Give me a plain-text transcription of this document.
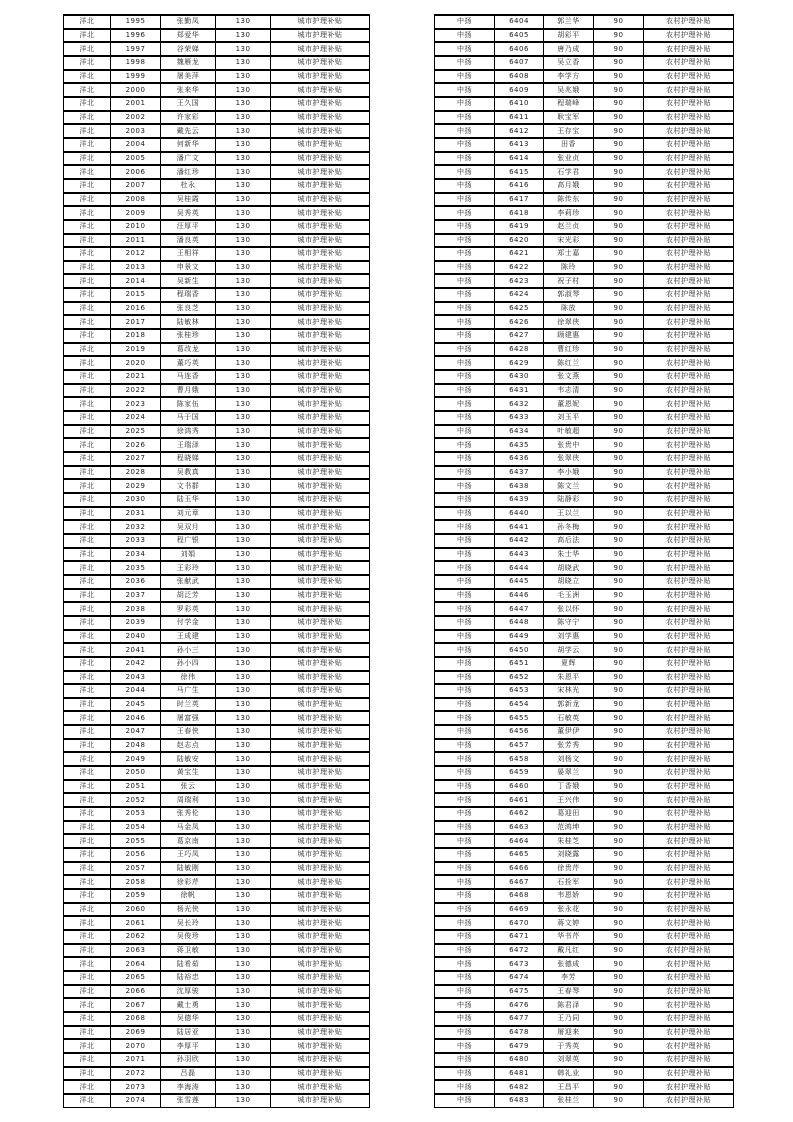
洋北	1995	张勤凤	130	城市护理补贴
洋北	1996	郑爱华	130	城市护理补贴
洋北	1997	谷荣娣	130	城市护理补贴
洋北	1998	魏雁龙	130	城市护理补贴
洋北	1999	屠美萍	130	城市护理补贴
洋北	2000	张来华	130	城市护理补贴
洋北	2001	王久国	130	城市护理补贴
洋北	2002	许家彩	130	城市护理补贴
洋北	2003	戴先云	130	城市护理补贴
洋北	2004	何新华	130	城市护理补贴
洋北	2005	潘广文	130	城市护理补贴
洋北	2006	潘红珍	130	城市护理补贴
洋北	2007	杜永	130	城市护理补贴
洋北	2008	吴桂霞	130	城市护理补贴
洋北	2009	吴秀英	130	城市护理补贴
洋北	2010	汪厚平	130	城市护理补贴
洋北	2011	潘良英	130	城市护理补贴
洋北	2012	王相祥	130	城市护理补贴
洋北	2013	申景文	130	城市护理补贴
洋北	2014	吴新生	130	城市护理补贴
洋北	2015	程瑞香	130	城市护理补贴
洋北	2016	张良芝	130	城市护理补贴
洋北	2017	陆敏林	130	城市护理补贴
洋北	2018	张桂珍	130	城市护理补贴
洋北	2019	葛改龙	130	城市护理补贴
洋北	2020	董巧英	130	城市护理补贴
洋北	2021	马连香	130	城市护理补贴
洋北	2022	曹月娥	130	城市护理补贴
洋北	2023	陈家伍	130	城市护理补贴
洋北	2024	马于国	130	城市护理补贴
洋北	2025	徐鸿秀	130	城市护理补贴
洋北	2026	王瑞泽	130	城市护理补贴
洋北	2027	程晓娣	130	城市护理补贴
洋北	2028	吴教真	130	城市护理补贴
洋北	2029	文书群	130	城市护理补贴
洋北	2030	陆玉华	130	城市护理补贴
洋北	2031	刘元章	130	城市护理补贴
洋北	2032	吴双月	130	城市护理补贴
洋北	2033	程广银	130	城市护理补贴
洋北	2034	刘娟	130	城市护理补贴
洋北	2035	王彩玲	130	城市护理补贴
洋北	2036	张献武	130	城市护理补贴
洋北	2037	胡泛芳	130	城市护理补贴
洋北	2038	罗彩英	130	城市护理补贴
洋北	2039	付学金	130	城市护理补贴
洋北	2040	王成建	130	城市护理补贴
洋北	2041	孙小三	130	城市护理补贴
洋北	2042	孙小四	130	城市护理补贴
洋北	2043	徐伟	130	城市护理补贴
洋北	2044	马广生	130	城市护理补贴
洋北	2045	时兰英	130	城市护理补贴
洋北	2046	屠富强	130	城市护理补贴
洋北	2047	王春侠	130	城市护理补贴
洋北	2048	赵志点	130	城市护理补贴
洋北	2049	陆敏安	130	城市护理补贴
洋北	2050	黄宝生	130	城市护理补贴
洋北	2051	张云	130	城市护理补贴
洋北	2052	周瑞利	130	城市护理补贴
洋北	2053	张秀伦	130	城市护理补贴
洋北	2054	马金凤	130	城市护理补贴
洋北	2055	葛京南	130	城市护理补贴
洋北	2056	王巧凤	130	城市护理补贴
洋北	2057	陆敏刚	130	城市护理补贴
洋北	2058	徐彩芹	130	城市护理补贴
洋北	2059	徐帆	130	城市护理补贴
洋北	2060	杨光侠	130	城市护理补贴
洋北	2061	吴长玲	130	城市护理补贴
洋北	2062	吴俊珍	130	城市护理补贴
洋北	2063	蒋卫敏	130	城市护理补贴
洋北	2064	陆希茹	130	城市护理补贴
洋北	2065	陆裕忠	130	城市护理补贴
洋北	2066	沈厚骏	130	城市护理补贴
洋北	2067	戴士勇	130	城市护理补贴
洋北	2068	吴德华	130	城市护理补贴
洋北	2069	陆居亚	130	城市护理补贴
洋北	2070	李厚平	130	城市护理补贴
洋北	2071	孙羽欣	130	城市护理补贴
洋北	2072	吕磊	130	城市护理补贴
洋北	2073	李海涛	130	城市护理补贴
洋北	2074	张雪莲	130	城市护理补贴
中扬	6404	郭兰华	90	农村护理补贴
中扬	6405	胡彩平	90	农村护理补贴
中扬	6406	唐乃成	90	农村护理补贴
中扬	6407	吴立香	90	农村护理补贴
中扬	6408	李学方	90	农村护理补贴
中扬	6409	吴兆娥	90	农村护理补贴
中扬	6410	程瑞峰	90	农村护理补贴
中扬	6411	耿宝军	90	农村护理补贴
中扬	6412	王存宝	90	农村护理补贴
中扬	6413	田香	90	农村护理补贴
中扬	6414	张业贞	90	农村护理补贴
中扬	6415	石学君	90	农村护理补贴
中扬	6416	高月娥	90	农村护理补贴
中扬	6417	陈传东	90	农村护理补贴
中扬	6418	李莉珍	90	农村护理补贴
中扬	6419	赵兰贞	90	农村护理补贴
中扬	6420	宋光彩	90	农村护理补贴
中扬	6421	郑士嘉	90	农村护理补贴
中扬	6422	陈玲	90	农村护理补贴
中扬	6423	祝子村	90	农村护理补贴
中扬	6424	郭淑琴	90	农村护理补贴
中扬	6425	陈放	90	农村护理补贴
中扬	6426	徐翠侠	90	农村护理补贴
中扬	6427	顾建惠	90	农村护理补贴
中扬	6428	曹红珍	90	农村护理补贴
中扬	6429	陈红兰	90	农村护理补贴
中扬	6430	张文燕	90	农村护理补贴
中扬	6431	韦志清	90	农村护理补贴
中扬	6432	董恩妮	90	农村护理补贴
中扬	6433	刘玉平	90	农村护理补贴
中扬	6434	叶敏超	90	农村护理补贴
中扬	6435	张贵中	90	农村护理补贴
中扬	6436	张翠侠	90	农村护理补贴
中扬	6437	李小娥	90	农村护理补贴
中扬	6438	陈文兰	90	农村护理补贴
中扬	6439	陆静彩	90	农村护理补贴
中扬	6440	王以兰	90	农村护理补贴
中扬	6441	孙冬梅	90	农村护理补贴
中扬	6442	高后法	90	农村护理补贴
中扬	6443	朱士华	90	农村护理补贴
中扬	6444	胡晓武	90	农村护理补贴
中扬	6445	胡晓立	90	农村护理补贴
中扬	6446	毛玉洲	90	农村护理补贴
中扬	6447	张以怀	90	农村护理补贴
中扬	6448	陈守宁	90	农村护理补贴
中扬	6449	刘学惠	90	农村护理补贴
中扬	6450	胡学云	90	农村护理补贴
中扬	6451	夏辉	90	农村护理补贴
中扬	6452	朱恩平	90	农村护理补贴
中扬	6453	宋林光	90	农村护理补贴
中扬	6454	郭新龙	90	农村护理补贴
中扬	6455	石敏英	90	农村护理补贴
中扬	6456	董伊伊	90	农村护理补贴
中扬	6457	张芳秀	90	农村护理补贴
中扬	6458	刘杨文	90	农村护理补贴
中扬	6459	晏翠兰	90	农村护理补贴
中扬	6460	丁香娥	90	农村护理补贴
中扬	6461	王兴伟	90	农村护理补贴
中扬	6462	葛迎田	90	农村护理补贴
中扬	6463	范鸿坤	90	农村护理补贴
中扬	6464	朱桂芝	90	农村护理补贴
中扬	6465	刘晓露	90	农村护理补贴
中扬	6466	徐贵芹	90	农村护理补贴
中扬	6467	石拴军	90	农村护理补贴
中扬	6468	韦恩娇	90	农村护理补贴
中扬	6469	张永花	90	农村护理补贴
中扬	6470	蒋文婷	90	农村护理补贴
中扬	6471	华书芹	90	农村护理补贴
中扬	6472	戴凡红	90	农村护理补贴
中扬	6473	张德成	90	农村护理补贴
中扬	6474	李芳	90	农村护理补贴
中扬	6475	王春琴	90	农村护理补贴
中扬	6476	陈君泽	90	农村护理补贴
中扬	6477	王乃同	90	农村护理补贴
中扬	6478	屠迎来	90	农村护理补贴
中扬	6479	于秀英	90	农村护理补贴
中扬	6480	刘翠英	90	农村护理补贴
中扬	6481	韩礼业	90	农村护理补贴
中扬	6482	王昌平	90	农村护理补贴
中扬	6483	张桂兰	90	农村护理补贴
